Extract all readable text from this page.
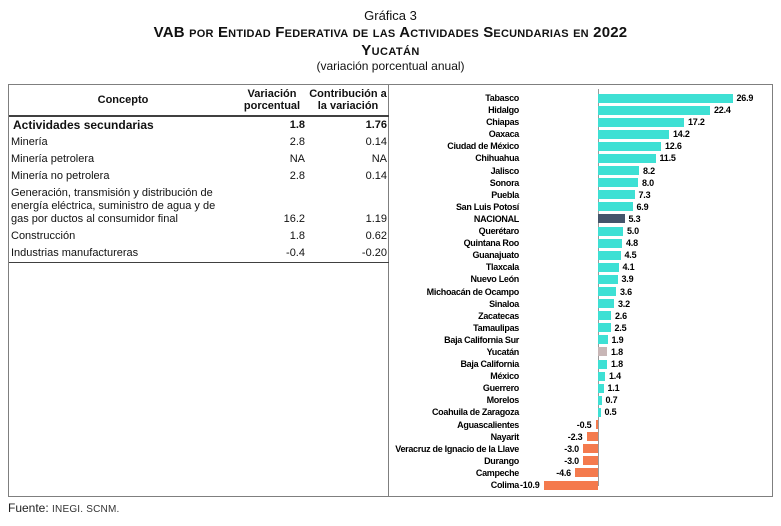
Gráfica 3
VAB por Entidad Federativa de las Actividades Secundarias en 2022
Yucatán
(variación porcentual anual)
Concepto	Variación porcentual	Contribución a la variación
Actividades secundarias	1.8	1.76
Minería	2.8	0.14
Minería petrolera	NA	NA
Minería no petrolera	2.8	0.14
Generación, transmisión y distribución de energía eléctrica, suministro de agua y de gas por ductos al consumidor final	16.2	1.19
Construcción	1.8	0.62
Industrias manufactureras	-0.4	-0.20
Tabasco	26.9
Hidalgo	22.4
Chiapas	17.2
Oaxaca	14.2
Ciudad de México	12.6
Chihuahua	11.5
Jalisco	8.2
Sonora	8.0
Puebla	7.3
San Luis Potosí	6.9
NACIONAL	5.3
Querétaro	5.0
Quintana Roo	4.8
Guanajuato	4.5
Tlaxcala	4.1
Nuevo León	3.9
Michoacán de Ocampo	3.6
Sinaloa	3.2
Zacatecas	2.6
Tamaulipas	2.5
Baja California Sur	1.9
Yucatán	1.8
Baja California	1.8
México	1.4
Guerrero	1.1
Morelos	0.7
Coahuila de Zaragoza	0.5
Aguascalientes	-0.5
Nayarit	-2.3
Veracruz de Ignacio de la Llave	-3.0
Durango	-3.0
Campeche	-4.6
Colima -10.9
Fuente: INEGI. SCNM.
